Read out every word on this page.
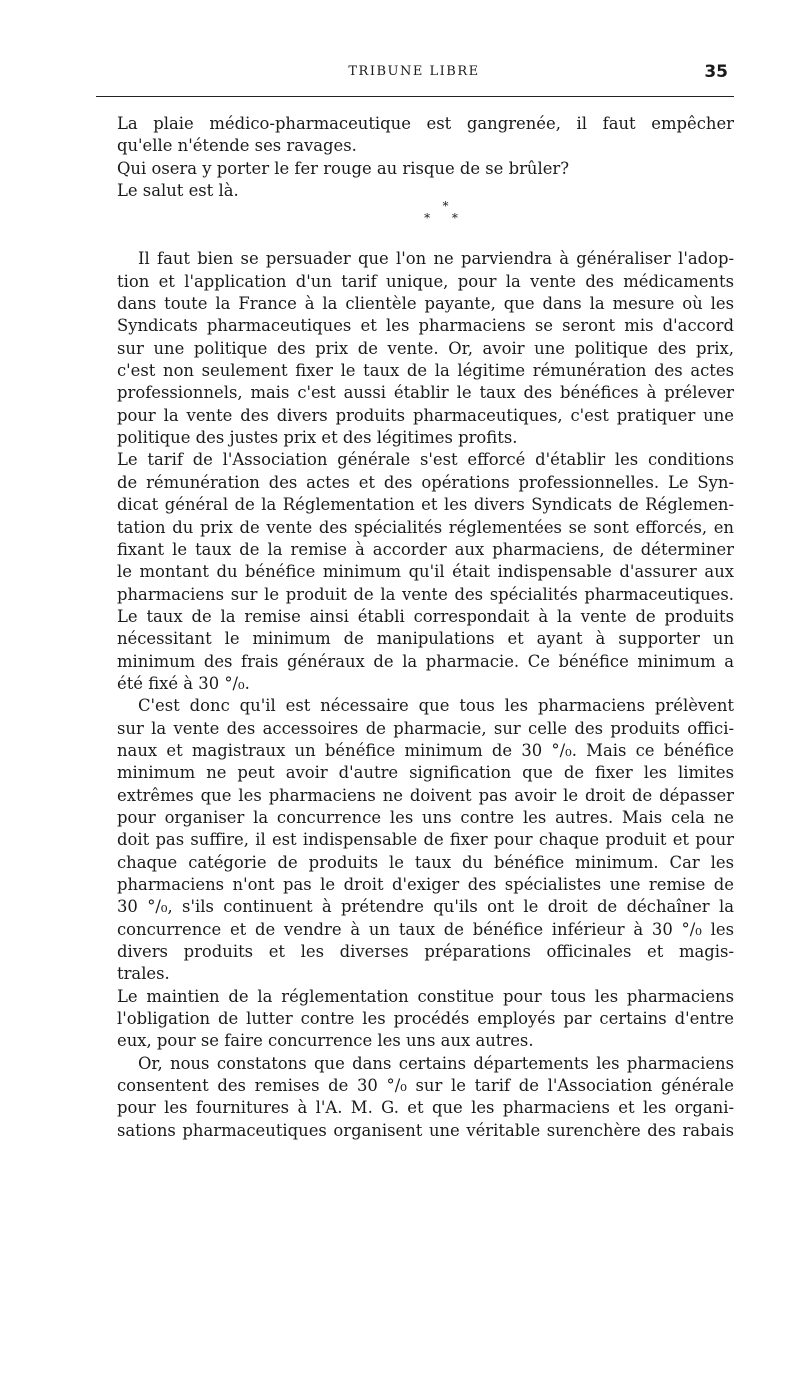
TRIBUNE LIBRE	35

La plaie médico-pharmaceutique est gangrenée, il faut empêcher
qu'elle n'étende ses ravages.
Qui osera y porter le fer rouge au risque de se brûler?
Le salut est là.

*
* *

Il faut bien se persuader que l'on ne parviendra à généraliser l'adop-
tion et l'application d'un tarif unique, pour la vente des médicaments
dans toute la France à la clientèle payante, que dans la mesure où les
Syndicats pharmaceutiques et les pharmaciens se seront mis d'accord
sur une politique des prix de vente. Or, avoir une politique des prix,
c'est non seulement fixer le taux de la légitime rémunération des actes
professionnels, mais c'est aussi établir le taux des bénéfices à prélever
pour la vente des divers produits pharmaceutiques, c'est pratiquer une
politique des justes prix et des légitimes profits.

Le tarif de l'Association générale s'est efforcé d'établir les conditions
de rémunération des actes et des opérations professionnelles. Le Syn-
dicat général de la Réglementation et les divers Syndicats de Réglemen-
tation du prix de vente des spécialités réglementées se sont efforcés, en
fixant le taux de la remise à accorder aux pharmaciens, de déterminer
le montant du bénéfice minimum qu'il était indispensable d'assurer aux
pharmaciens sur le produit de la vente des spécialités pharmaceutiques.
Le taux de la remise ainsi établi correspondait à la vente de produits
nécessitant le minimum de manipulations et ayant à supporter un
minimum des frais généraux de la pharmacie. Ce bénéfice minimum a
été fixé à 30 °/₀.

C'est donc qu'il est nécessaire que tous les pharmaciens prélèvent
sur la vente des accessoires de pharmacie, sur celle des produits offici-
naux et magistraux un bénéfice minimum de 30 °/₀. Mais ce bénéfice
minimum ne peut avoir d'autre signification que de fixer les limites
extrêmes que les pharmaciens ne doivent pas avoir le droit de dépasser
pour organiser la concurrence les uns contre les autres. Mais cela ne
doit pas suffire, il est indispensable de fixer pour chaque produit et pour
chaque catégorie de produits le taux du bénéfice minimum. Car les
pharmaciens n'ont pas le droit d'exiger des spécialistes une remise de
30 °/₀, s'ils continuent à prétendre qu'ils ont le droit de déchaîner la
concurrence et de vendre à un taux de bénéfice inférieur à 30 °/₀ les
divers produits et les diverses préparations officinales et magis-
trales.

Le maintien de la réglementation constitue pour tous les pharmaciens
l'obligation de lutter contre les procédés employés par certains d'entre
eux, pour se faire concurrence les uns aux autres.

Or, nous constatons que dans certains départements les pharmaciens
consentent des remises de 30 °/₀ sur le tarif de l'Association générale
pour les fournitures à l'A. M. G. et que les pharmaciens et les organi-
sations pharmaceutiques organisent une véritable surenchère des rabais
